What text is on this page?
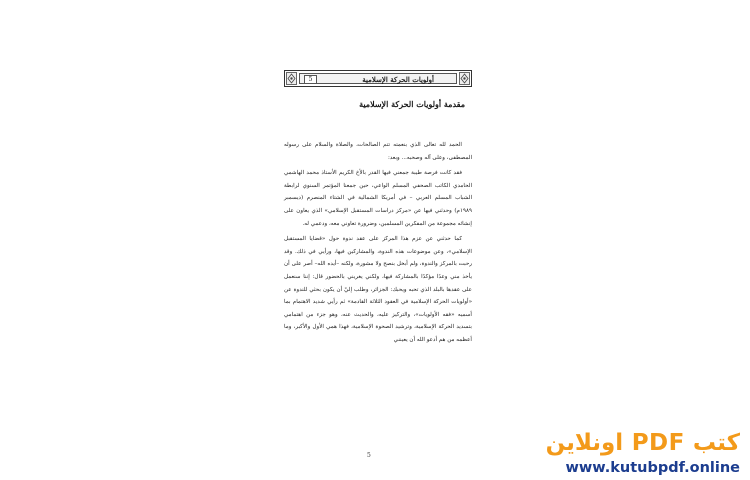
5	أولويات الحركة الإسلامية
مقدمة أولويات الحركة الإسلامية

الحمد لله تعالى الذي بنعمته تتم الصالحات، والصلاة والسلام على رسوله المصطفى، وعلى آله وصحبه... وبعد:

فقد كانت فرصة طيبة جمعني فيها القدر بالأخ الكريم الأستاذ محمد الهاشمي الحامدي الكاتب الصحفي المسلم الواعي، حين جمعنا المؤتمر السنوي لرابطة الشباب المسلم العربي – في أمريكا الشمالية في الشتاء المنصرم (ديسمبر ١٩٨٩م) وحدثني فيها عن «مركز دراسات المستقبل الإسلامي» الذي يعاون على إنشائه مجموعة من المفكرين المسلمين، وضرورة تعاوني معه، ودعمي له.

كما حدثني عن عزم هذا المركز على عقد ندوة حول «قضايا المستقبل الإسلامي»، وعن موضوعات هذه الندوة، والمشاركين فيها، ورأيي في ذلك. وقد رحبت بالمركز والندوة، ولم أبخل بنصح ولا مشورة، ولكنه –أيده الله– أصر على أن يأخذ مني وعدًا مؤكدًا بالمشاركة فيها، ولكني يغريني بالحضور قال: إننا سنعمل على عقدها بالبلد الذي تحبه ويحبك: الجزائر، وطلب إليّ أن يكون بحثي للندوة عن «أولويات الحركة الإسلامية في العقود الثلاثة القادمة» ثم رأيي شديد الاهتمام بما أسميه «فقه الأولويات»، والتركيز عليه، والحديث عنه، وهو جزء من اهتمامي بتسديد الحركة الإسلامية، وترشيد الصحوة الإسلامية، فهذا همي الأول والأكبر، وما أعظمه من هم أدعو الله أن يعينني

5	كتب PDF اونلاين
www.kutubpdf.online
